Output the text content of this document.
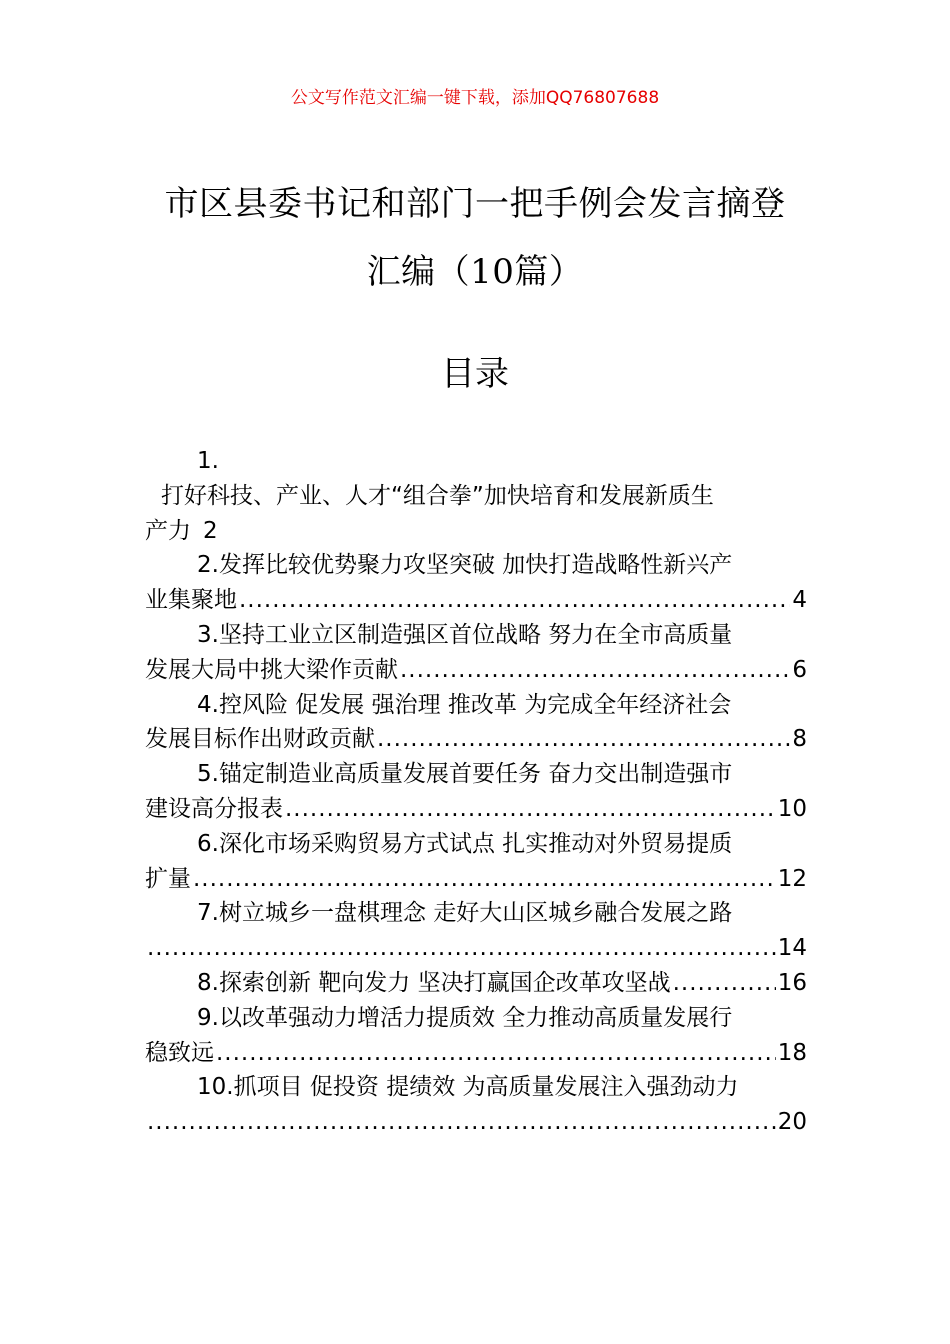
公文写作范文汇编一键下载，添加QQ76807688
市区县委书记和部门一把手例会发言摘登
汇编（10篇）
目录
1.
打好科技、产业、人才“组合拳”加快培育和发展新质生
产力 2
2.发挥比较优势聚力攻坚突破 加快打造战略性新兴产
业集聚地 .....	4
3.坚持工业立区制造强区首位战略 努力在全市高质量
发展大局中挑大梁作贡献 .....	6
4.控风险 促发展 强治理 推改革 为完成全年经济社会
发展目标作出财政贡献 .....	8
5.锚定制造业高质量发展首要任务 奋力交出制造强市
建设高分报表 .....	10
6.深化市场采购贸易方式试点 扎实推动对外贸易提质
扩量 .....	12
7.树立城乡一盘棋理念 走好大山区城乡融合发展之路
.....
14
8.探索创新 靶向发力 坚决打赢国企改革攻坚战 .....	16
9.以改革强动力增活力提质效 全力推动高质量发展行
稳致远 .....	18
10.抓项目 促投资 提绩效 为高质量发展注入强劲动力
.....
20
